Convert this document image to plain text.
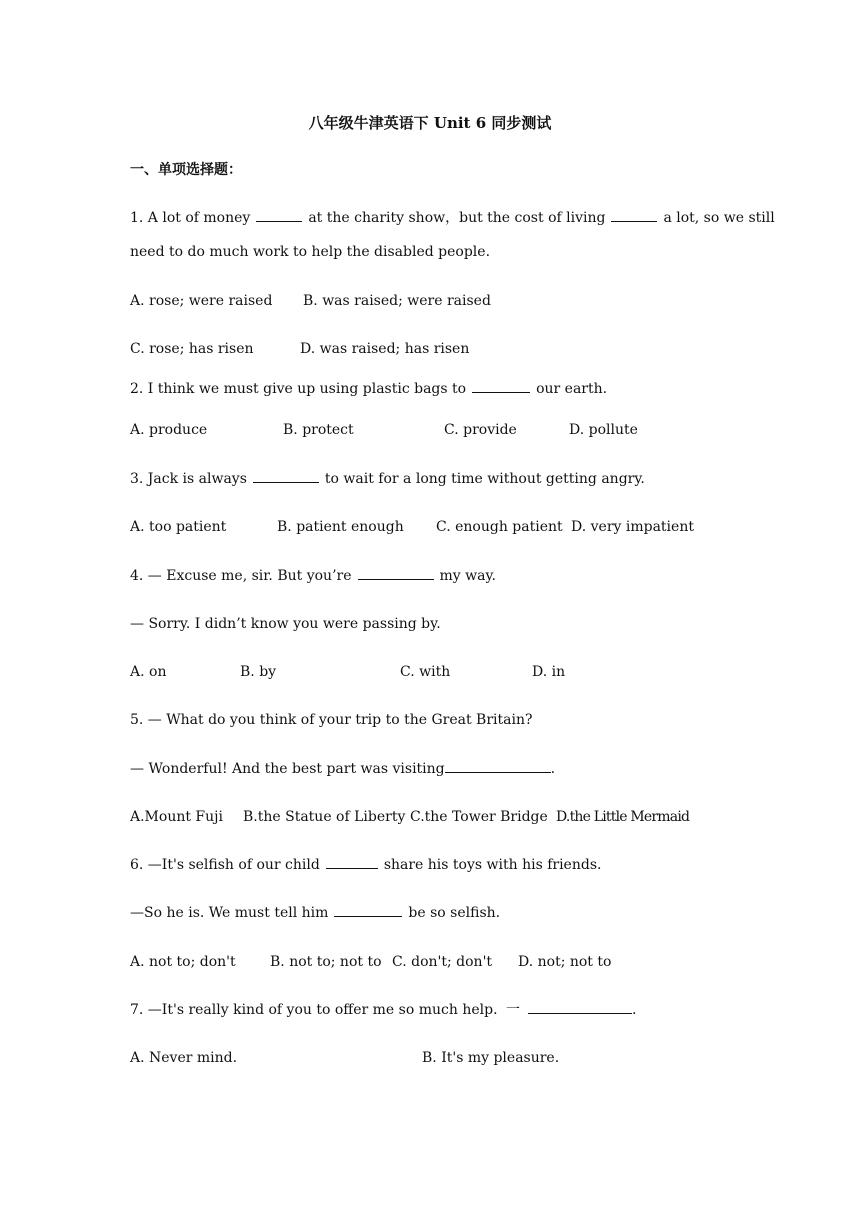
八年级牛津英语下 Unit 6 同步测试
一、单项选择题：
1. A lot of money	at the charity show，but the cost of living	a lot, so we still
need to do much work to help the disabled people.
A. rose; were raised B. was raised; were raised
C. rose; has risen	D. was raised; has risen
2. I think we must give up using plastic bags to	our earth.
A. produce	B. protect	C. provide	D. pollute
3. Jack is always	to wait for a long time without getting angry.
A. too patient	B. patient enough C. enough patient D. very impatient
4. — Excuse me, sir. But you’re	my way.
— Sorry. I didn’t know you were passing by.
A. on	B. by	C. with	D. in
5. — What do you think of your trip to the Great Britain?
— Wonderful! And the best part was visiting	.
A.Mount Fuji B.the Statue of Liberty C.the Tower Bridge D.the Little Mermaid
6. —It's selfish of our child	share his toys with his friends.
—So he is. We must tell him	be so selfish.
A. not to; don't B. not to; not to C. don't; don't D. not; not to
7. —It's really kind of you to offer me so much help. 一	.
A. Never mind.	B. It's my pleasure.
